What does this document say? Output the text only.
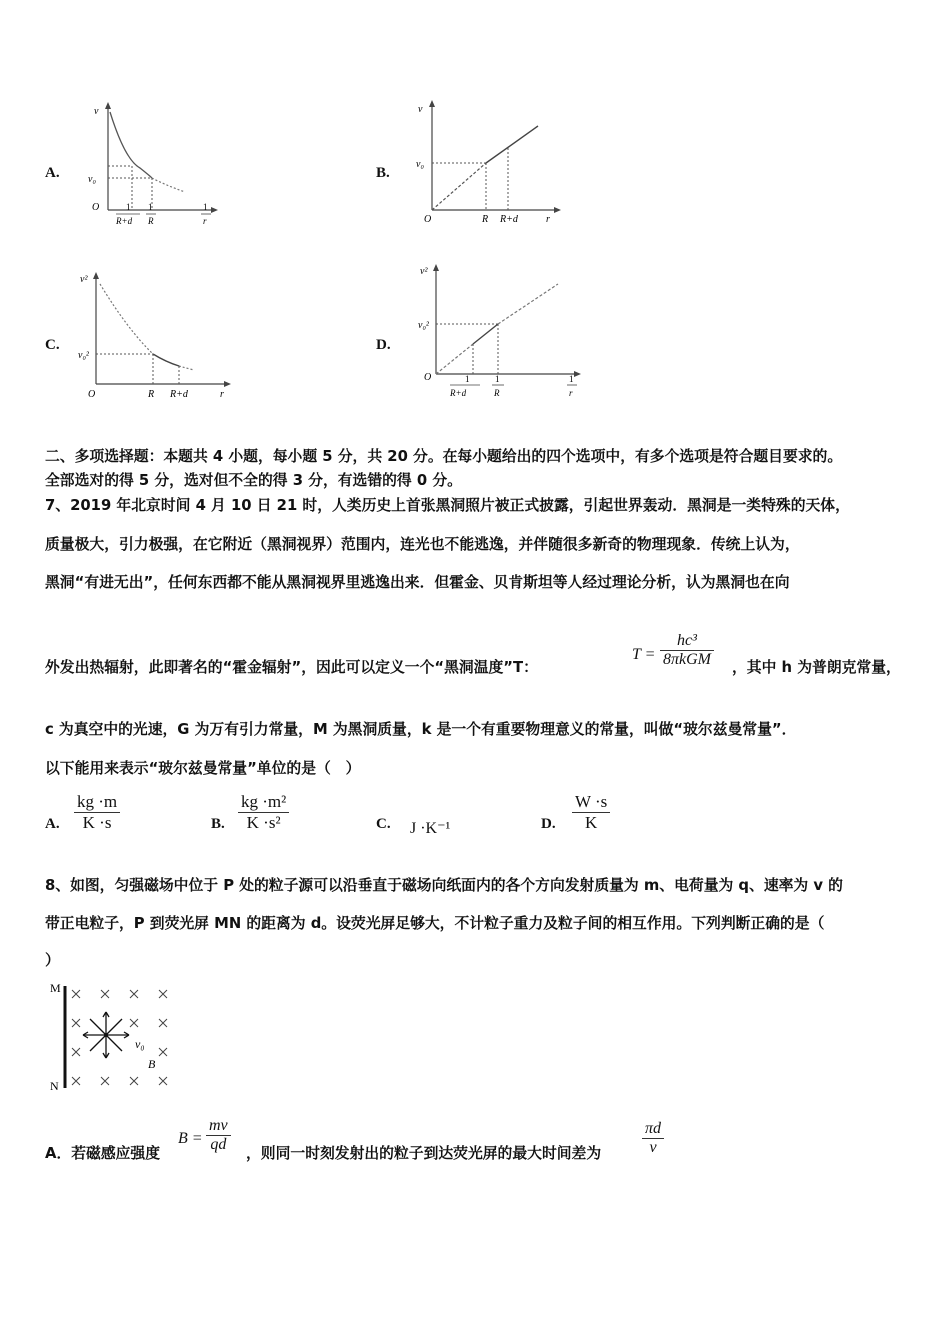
A.
v
v₀
O	1
R+d
1
R
1
r
B.
v
v₀
O	R R+d	r
C.
v²
v₀²
O	R R+d	r
D.
v²
v₀²
O	1
R+d
1
R
1
r
二、多项选择题：本题共 4 小题，每小题 5 分，共 20 分。在每小题给出的四个选项中，有多个选项是符合题目要求的。
全部选对的得 5 分，选对但不全的得 3 分，有选错的得 0 分。
7、2019 年北京时间 4 月 10 日 21 时，人类历史上首张黑洞照片被正式披露，引起世界轰动．黑洞是一类特殊的天体，
质量极大，引力极强，在它附近（黑洞视界）范围内，连光也不能逃逸，并伴随很多新奇的物理现象．传统上认为，
黑洞“有进无出”，任何东西都不能从黑洞视界里逃逸出来．但霍金、贝肯斯坦等人经过理论分析，认为黑洞也在向
外发出热辐射，此即著名的“霍金辐射”，因此可以定义一个“黑洞温度”T：
T =
hc³
8πkGM ，其中 h 为普朗克常量，
c 为真空中的光速，G 为万有引力常量，M 为黑洞质量，k 是一个有重要物理意义的常量，叫做“玻尔兹曼常量”．
以下能用来表示“玻尔兹曼常量”单位的是（　）
A. $\frac{kg \cdot m}{K \cdot s}$	B. $\frac{\text{kg ·m²}}{\text{K ·s²}}$	C. J ·K⁻¹	D. $\frac{W \cdot s}{K}$
8、如图，匀强磁场中位于 P 处的粒子源可以沿垂直于磁场向纸面内的各个方向发射质量为 m、电荷量为 q、速率为 v 的
带正电粒子，P 到荧光屏 MN 的距离为 d。设荧光屏足够大，不计粒子重力及粒子间的相互作用。下列判断正确的是（
）
M
N
v₀
B
A．若磁感应强度
$B = \frac{mv}{qd}$ ，则同一时刻发射出的粒子到达荧光屏的最大时间差为	$\frac{\pi d}{v}$
